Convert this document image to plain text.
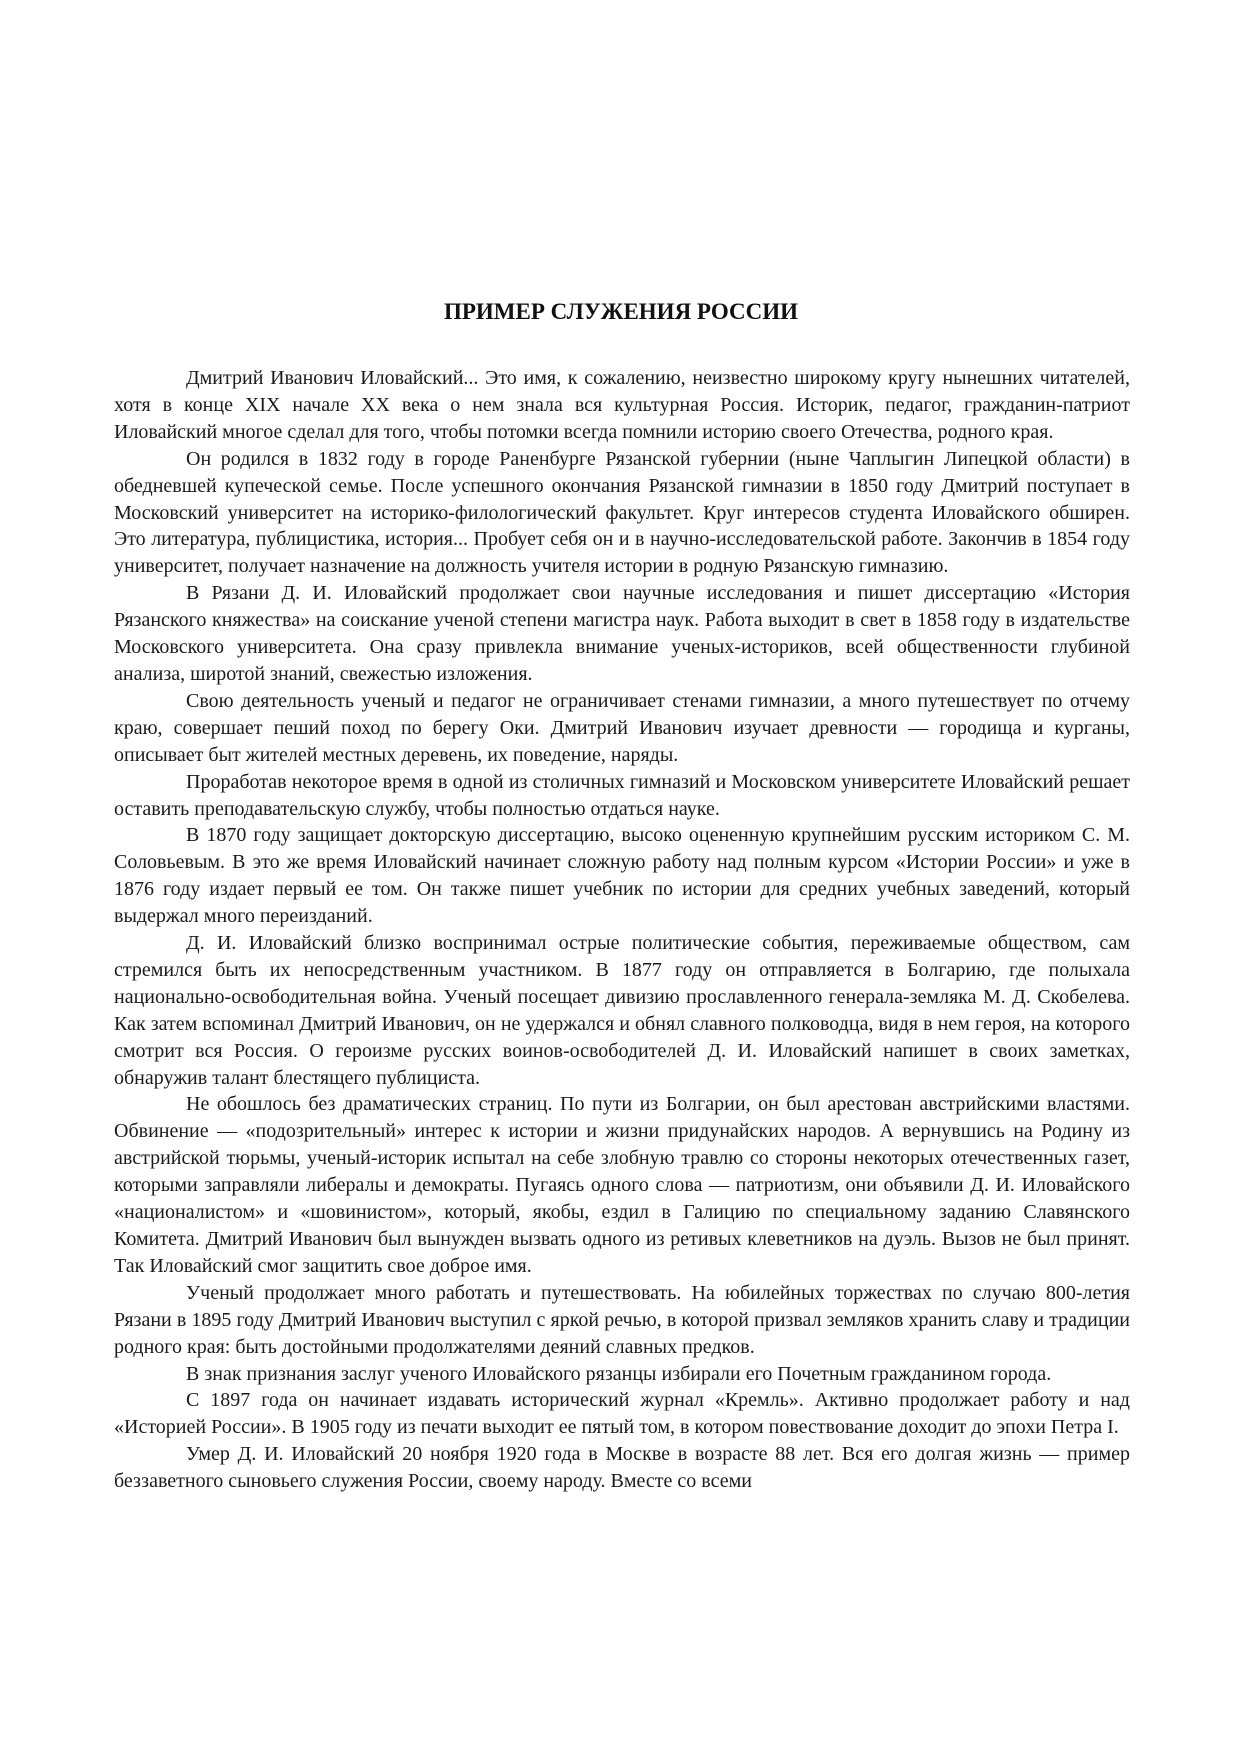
ПРИМЕР СЛУЖЕНИЯ РОССИИ

Дмитрий Иванович Иловайский... Это имя, к сожалению, неизвестно широкому кругу нынешних читателей, хотя в конце XIX начале XX века о нем знала вся культурная Россия. Историк, педагог, гражданин-патриот Иловайский многое сделал для того, чтобы потомки всегда помнили историю своего Отечества, родного края.

Он родился в 1832 году в городе Раненбурге Рязанской губернии (ныне Чаплыгин Липецкой области) в обедневшей купеческой семье. После успешного окончания Рязанской гимназии в 1850 году Дмитрий поступает в Московский университет на историко-филологический факультет. Круг интересов студента Иловайского обширен. Это литература, публицистика, история... Пробует себя он и в научно-исследовательской работе. Закончив в 1854 году университет, получает назначение на должность учителя истории в родную Рязанскую гимназию.

В Рязани Д. И. Иловайский продолжает свои научные исследования и пишет диссертацию «История Рязанского княжества» на соискание ученой степени магистра наук. Работа выходит в свет в 1858 году в издательстве Московского университета. Она сразу привлекла внимание ученых-историков, всей общественности глубиной анализа, широтой знаний, свежестью изложения.

Свою деятельность ученый и педагог не ограничивает стенами гимназии, а много путешествует по отчему краю, совершает пеший поход по берегу Оки. Дмитрий Иванович изучает древности — городища и курганы, описывает быт жителей местных деревень, их поведение, наряды.

Проработав некоторое время в одной из столичных гимназий и Московском университете Иловайский решает оставить преподавательскую службу, чтобы полностью отдаться науке.

В 1870 году защищает докторскую диссертацию, высоко оцененную крупнейшим русским историком С. М. Соловьевым. В это же время Иловайский начинает сложную работу над полным курсом «Истории России» и уже в 1876 году издает первый ее том. Он также пишет учебник по истории для средних учебных заведений, который выдержал много переизданий.

Д. И. Иловайский близко воспринимал острые политические события, переживаемые обществом, сам стремился быть их непосредственным участником. В 1877 году он отправляется в Болгарию, где полыхала национально-освободительная война. Ученый посещает дивизию прославленного генерала-земляка М. Д. Скобелева. Как затем вспоминал Дмитрий Иванович, он не удержался и обнял славного полководца, видя в нем героя, на которого смотрит вся Россия. О героизме русских воинов-освободителей Д. И. Иловайский напишет в своих заметках, обнаружив талант блестящего публициста.

Не обошлось без драматических страниц. По пути из Болгарии, он был арестован австрийскими властями. Обвинение — «подозрительный» интерес к истории и жизни придунайских народов. А вернувшись на Родину из австрийской тюрьмы, ученый-историк испытал на себе злобную травлю со стороны некоторых отечественных газет, которыми заправляли либералы и демократы. Пугаясь одного слова — патриотизм, они объявили Д. И. Иловайского «националистом» и «шовинистом», который, якобы, ездил в Галицию по специальному заданию Славянского Комитета. Дмитрий Иванович был вынужден вызвать одного из ретивых клеветников на дуэль. Вызов не был принят. Так Иловайский смог защитить свое доброе имя.

Ученый продолжает много работать и путешествовать. На юбилейных торжествах по случаю 800-летия Рязани в 1895 году Дмитрий Иванович выступил с яркой речью, в которой призвал земляков хранить славу и традиции родного края: быть достойными продолжателями деяний славных предков.

В знак признания заслуг ученого Иловайского рязанцы избирали его Почетным гражданином города.

С 1897 года он начинает издавать исторический журнал «Кремль». Активно продолжает работу и над «Историей России». В 1905 году из печати выходит ее пятый том, в котором повествование доходит до эпохи Петра I.

Умер Д. И. Иловайский 20 ноября 1920 года в Москве в возрасте 88 лет. Вся его долгая жизнь — пример беззаветного сыновьего служения России, своему народу. Вместе со всеми
